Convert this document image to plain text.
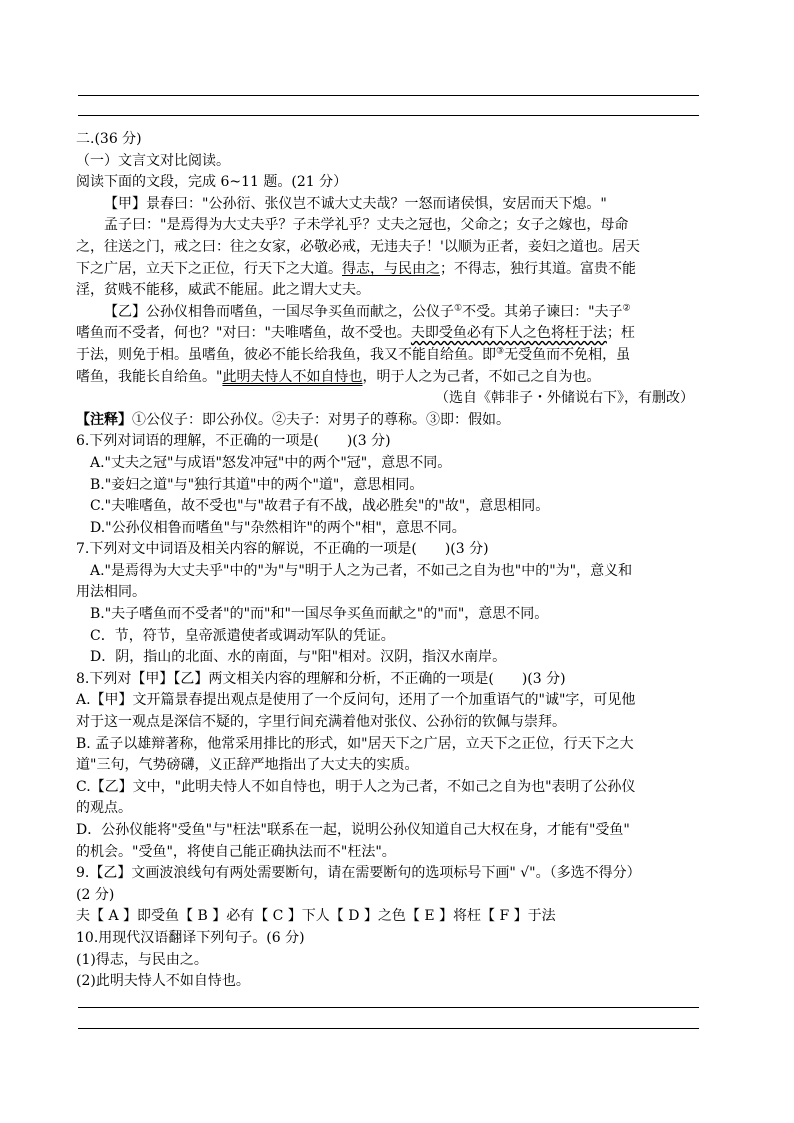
二.(36 分)
（一）文言文对比阅读。
阅读下面的文段，完成 6~11 题。(21 分）
【甲】景春曰："公孙衍、张仪岂不诚大丈夫哉？一怒而诸侯惧，安居而天下熄。"
孟子曰："是焉得为大丈夫乎？子未学礼乎？丈夫之冠也，父命之；女子之嫁也，母命
之，往送之门，戒之曰：往之女家，必敬必戒，无违夫子！'以顺为正者，妾妇之道也。居天
下之广居，立天下之正位，行天下之大道。得志，与民由之；不得志，独行其道。富贵不能
淫，贫贱不能移，威武不能屈。此之谓大丈夫。
【乙】公孙仪相鲁而嗜鱼，一国尽争买鱼而献之，公仪子①不受。其弟子谏曰："夫子②
嗜鱼而不受者，何也？"对曰："夫唯嗜鱼，故不受也。夫即受鱼必有下人之色将枉于法；枉
于法，则免于相。虽嗜鱼，彼必不能长给我鱼，我又不能自给鱼。即③无受鱼而不免相，虽
嗜鱼，我能长自给鱼。"此明夫恃人不如自恃也，明于人之为己者，不如己之自为也。
（选自《韩非子・外储说右下》，有删改）
【注释】①公仪子：即公孙仪。②夫子：对男子的尊称。③即：假如。
6.下列对词语的理解，不正确的一项是(　　)(3 分)
A."丈夫之冠"与成语"怒发冲冠"中的两个"冠"，意思不同。
B."妾妇之道"与"独行其道"中的两个"道"，意思相同。
C."夫唯嗜鱼，故不受也"与"故君子有不战，战必胜矣"的"故"，意思相同。
D."公孙仪相鲁而嗜鱼"与"杂然相许"的两个"相"，意思不同。
7.下列对文中词语及相关内容的解说，不正确的一项是(　　)(3 分)
A."是焉得为大丈夫乎"中的"为"与"明于人之为己者，不如己之自为也"中的"为"，意义和
用法相同。
B."夫子嗜鱼而不受者"的"而"和"一国尽争买鱼而献之"的"而"，意思不同。
C．节，符节，皇帝派遣使者或调动军队的凭证。
D．阴，指山的北面、水的南面，与"阳"相对。汉阴，指汉水南岸。
8.下列对【甲】【乙】两文相关内容的理解和分析，不正确的一项是(　　)(3 分)
A.【甲】文开篇景春提出观点是使用了一个反问句，还用了一个加重语气的"诚"字，可见他
对于这一观点是深信不疑的，字里行间充满着他对张仪、公孙衍的钦佩与崇拜。
B. 孟子以雄辩著称，他常采用排比的形式，如"居天下之广居，立天下之正位，行天下之大
道"三句，气势磅礴，义正辞严地指出了大丈夫的实质。
C.【乙】文中，"此明夫恃人不如自恃也，明于人之为己者，不如己之自为也"表明了公孙仪
的观点。
D．公孙仪能将"受鱼"与"枉法"联系在一起，说明公孙仪知道自己大权在身，才能有"受鱼"
的机会。"受鱼"，将使自己能正确执法而不"枉法"。
9.【乙】文画波浪线句有两处需要断句，请在需要断句的选项标号下画" √"。（多选不得分）
(2 分)
夫【 A 】即受鱼【 B 】必有【 C 】下人【 D 】之色【 E 】将枉【 F 】于法
10.用现代汉语翻译下列句子。(6 分)
(1)得志，与民由之。
(2)此明夫恃人不如自恃也。
